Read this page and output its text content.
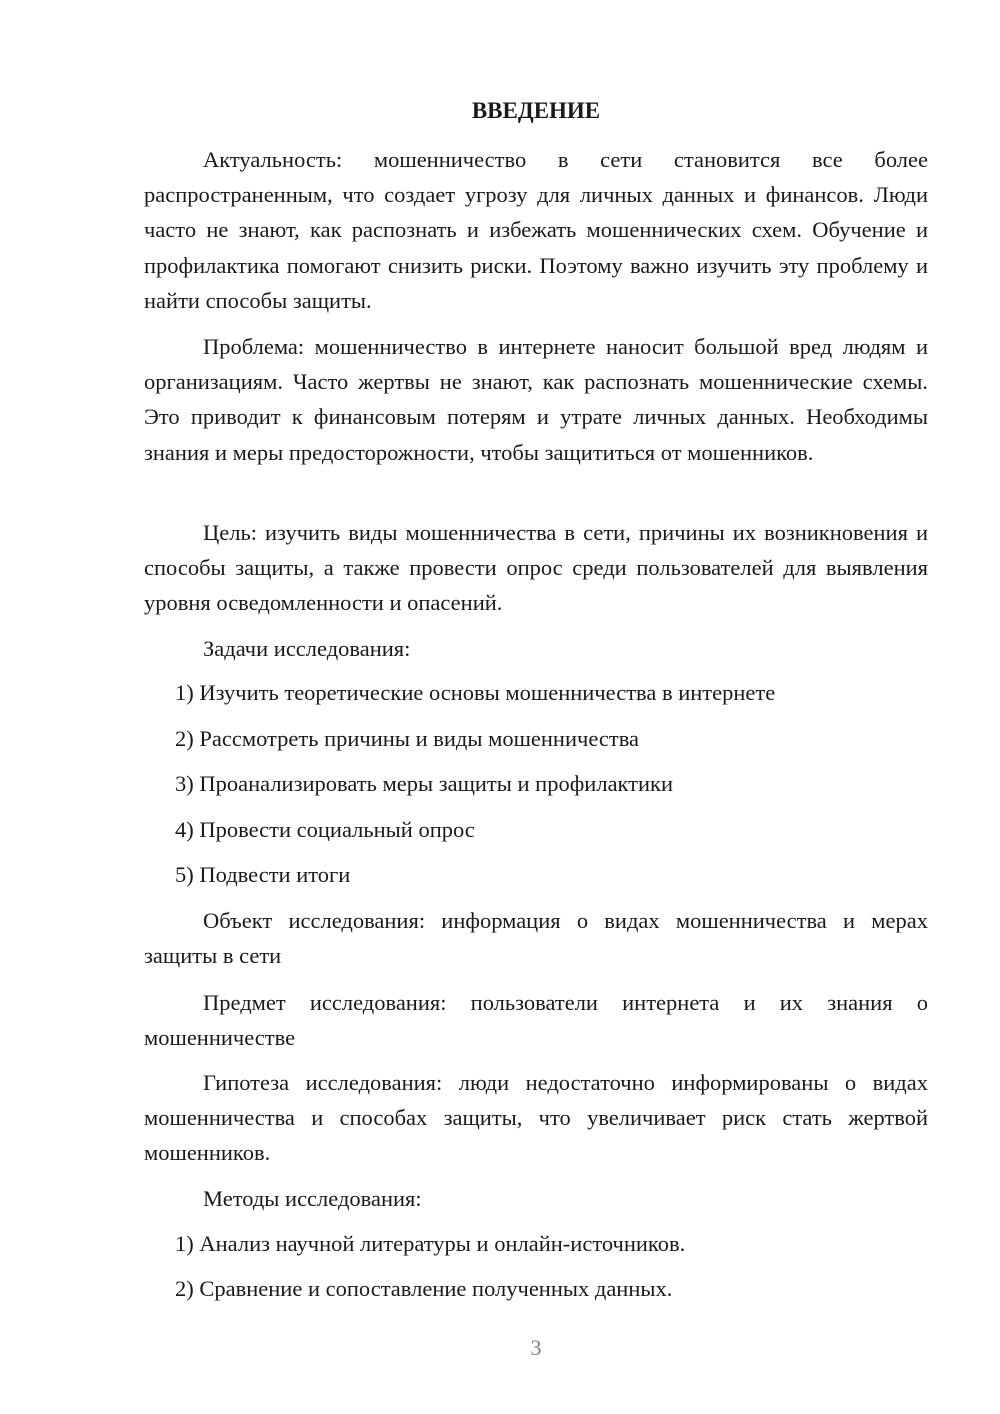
ВВЕДЕНИЕ

Актуальность: мошенничество в сети становится все более распространенным, что создает угрозу для личных данных и финансов. Люди часто не знают, как распознать и избежать мошеннических схем. Обучение и профилактика помогают снизить риски. Поэтому важно изучить эту проблему и найти способы защиты.

Проблема: мошенничество в интернете наносит большой вред людям и организациям. Часто жертвы не знают, как распознать мошеннические схемы. Это приводит к финансовым потерям и утрате личных данных. Необходимы знания и меры предосторожности, чтобы защититься от мошенников.

Цель: изучить виды мошенничества в сети, причины их возникновения и способы защиты, а также провести опрос среди пользователей для выявления уровня осведомленности и опасений.

Задачи исследования:

1) Изучить теоретические основы мошенничества в интернете

2) Рассмотреть причины и виды мошенничества

3) Проанализировать меры защиты и профилактики

4) Провести социальный опрос

5) Подвести итоги

Объект исследования: информация о видах мошенничества и мерах защиты в сети

Предмет исследования: пользователи интернета и их знания о мошенничестве

Гипотеза исследования: люди недостаточно информированы о видах мошенничества и способах защиты, что увеличивает риск стать жертвой мошенников.

Методы исследования:

1) Анализ научной литературы и онлайн-источников.

2) Сравнение и сопоставление полученных данных.

3
